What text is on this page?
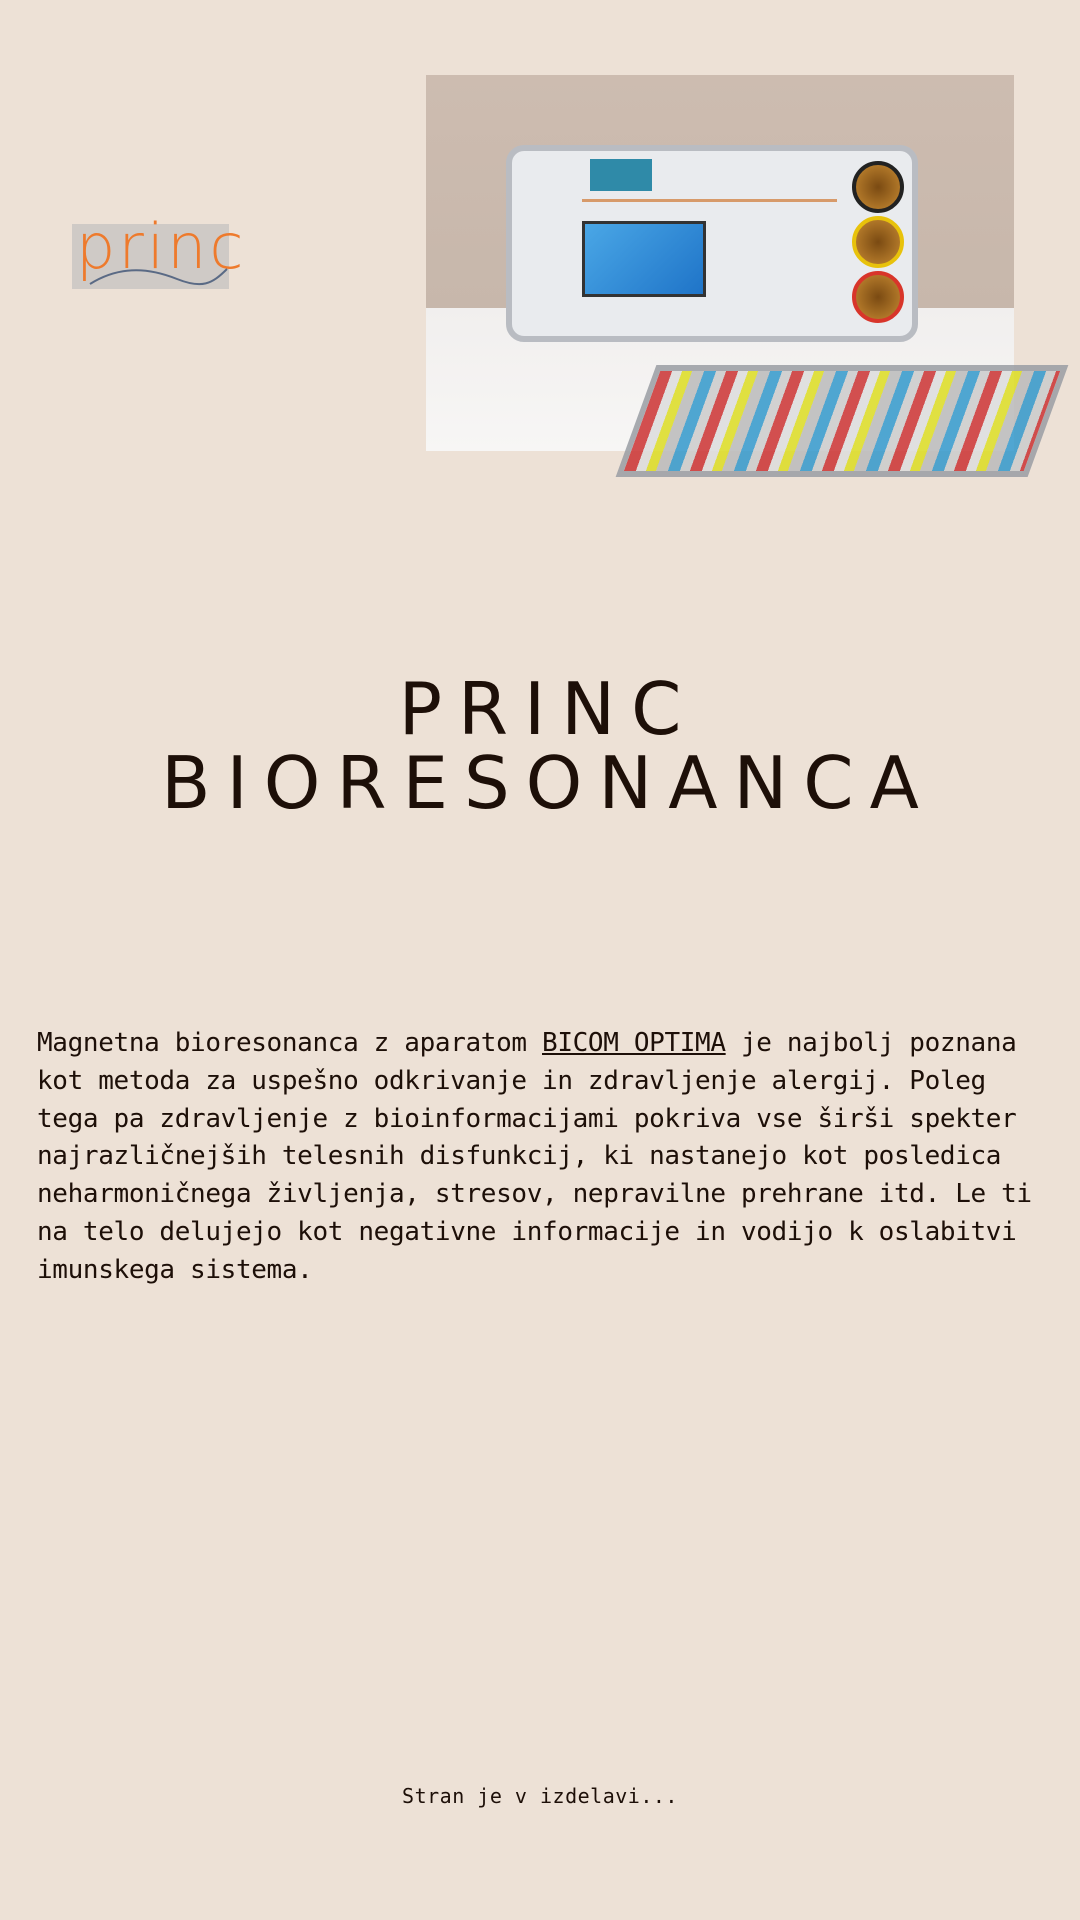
princ
PRINC
BIORESONANCA

Magnetna bioresonanca z aparatom BICOM OPTIMA je najbolj poznana kot metoda za uspešno odkrivanje in zdravljenje alergij. Poleg tega pa zdravljenje z bioinformacijami pokriva vse širši spekter najrazličnejših telesnih disfunkcij, ki nastanejo kot posledica neharmoničnega življenja, stresov, nepravilne prehrane itd. Le ti na telo delujejo kot negativne informacije in vodijo k oslabitvi imunskega sistema.

Stran je v izdelavi...
